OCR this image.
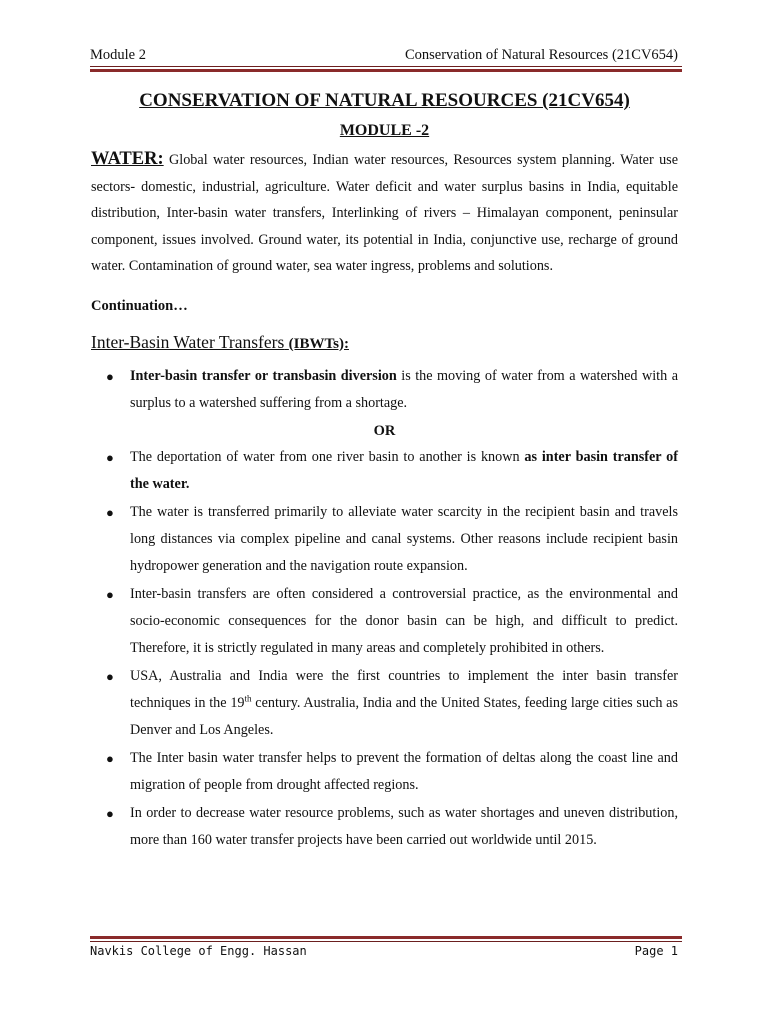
Module 2	Conservation of Natural Resources (21CV654)
CONSERVATION OF NATURAL RESOURCES (21CV654)
MODULE -2

WATER: Global water resources, Indian water resources, Resources system planning. Water use sectors- domestic, industrial, agriculture. Water deficit and water surplus basins in India, equitable distribution, Inter-basin water transfers, Interlinking of rivers – Himalayan component, peninsular component, issues involved. Ground water, its potential in India, conjunctive use, recharge of ground water. Contamination of ground water, sea water ingress, problems and solutions.

Continuation…
Inter-Basin Water Transfers (IBWTs):
● Inter-basin transfer or transbasin diversion is the moving of water from a watershed with a surplus to a watershed suffering from a shortage.
OR
● The deportation of water from one river basin to another is known as inter basin transfer of the water.
● The water is transferred primarily to alleviate water scarcity in the recipient basin and travels long distances via complex pipeline and canal systems. Other reasons include recipient basin hydropower generation and the navigation route expansion.
● Inter-basin transfers are often considered a controversial practice, as the environmental and socio-economic consequences for the donor basin can be high, and difficult to predict. Therefore, it is strictly regulated in many areas and completely prohibited in others.
● USA, Australia and India were the first countries to implement the inter basin transfer techniques in the 19th century. Australia, India and the United States, feeding large cities such as Denver and Los Angeles.
● The Inter basin water transfer helps to prevent the formation of deltas along the coast line and migration of people from drought affected regions.
● In order to decrease water resource problems, such as water shortages and uneven distribution, more than 160 water transfer projects have been carried out worldwide until 2015.
Navkis College of Engg. Hassan	Page 1
